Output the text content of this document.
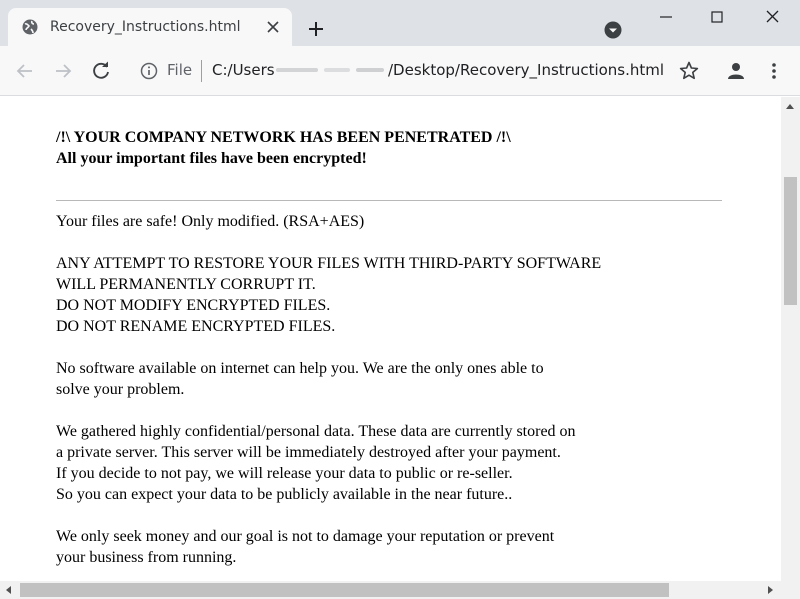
Recovery_Instructions.html
File C:/Users	/Desktop/Recovery_Instructions.html
/!\ YOUR COMPANY NETWORK HAS BEEN PENETRATED /!\
All your important files have been encrypted!

Your files are safe! Only modified. (RSA+AES)

ANY ATTEMPT TO RESTORE YOUR FILES WITH THIRD-PARTY SOFTWARE
WILL PERMANENTLY CORRUPT IT.
DO NOT MODIFY ENCRYPTED FILES.
DO NOT RENAME ENCRYPTED FILES.

No software available on internet can help you. We are the only ones able to
solve your problem.

We gathered highly confidential/personal data. These data are currently stored on
a private server. This server will be immediately destroyed after your payment.
If you decide to not pay, we will release your data to public or re-seller.
So you can expect your data to be publicly available in the near future..

We only seek money and our goal is not to damage your reputation or prevent
your business from running.
